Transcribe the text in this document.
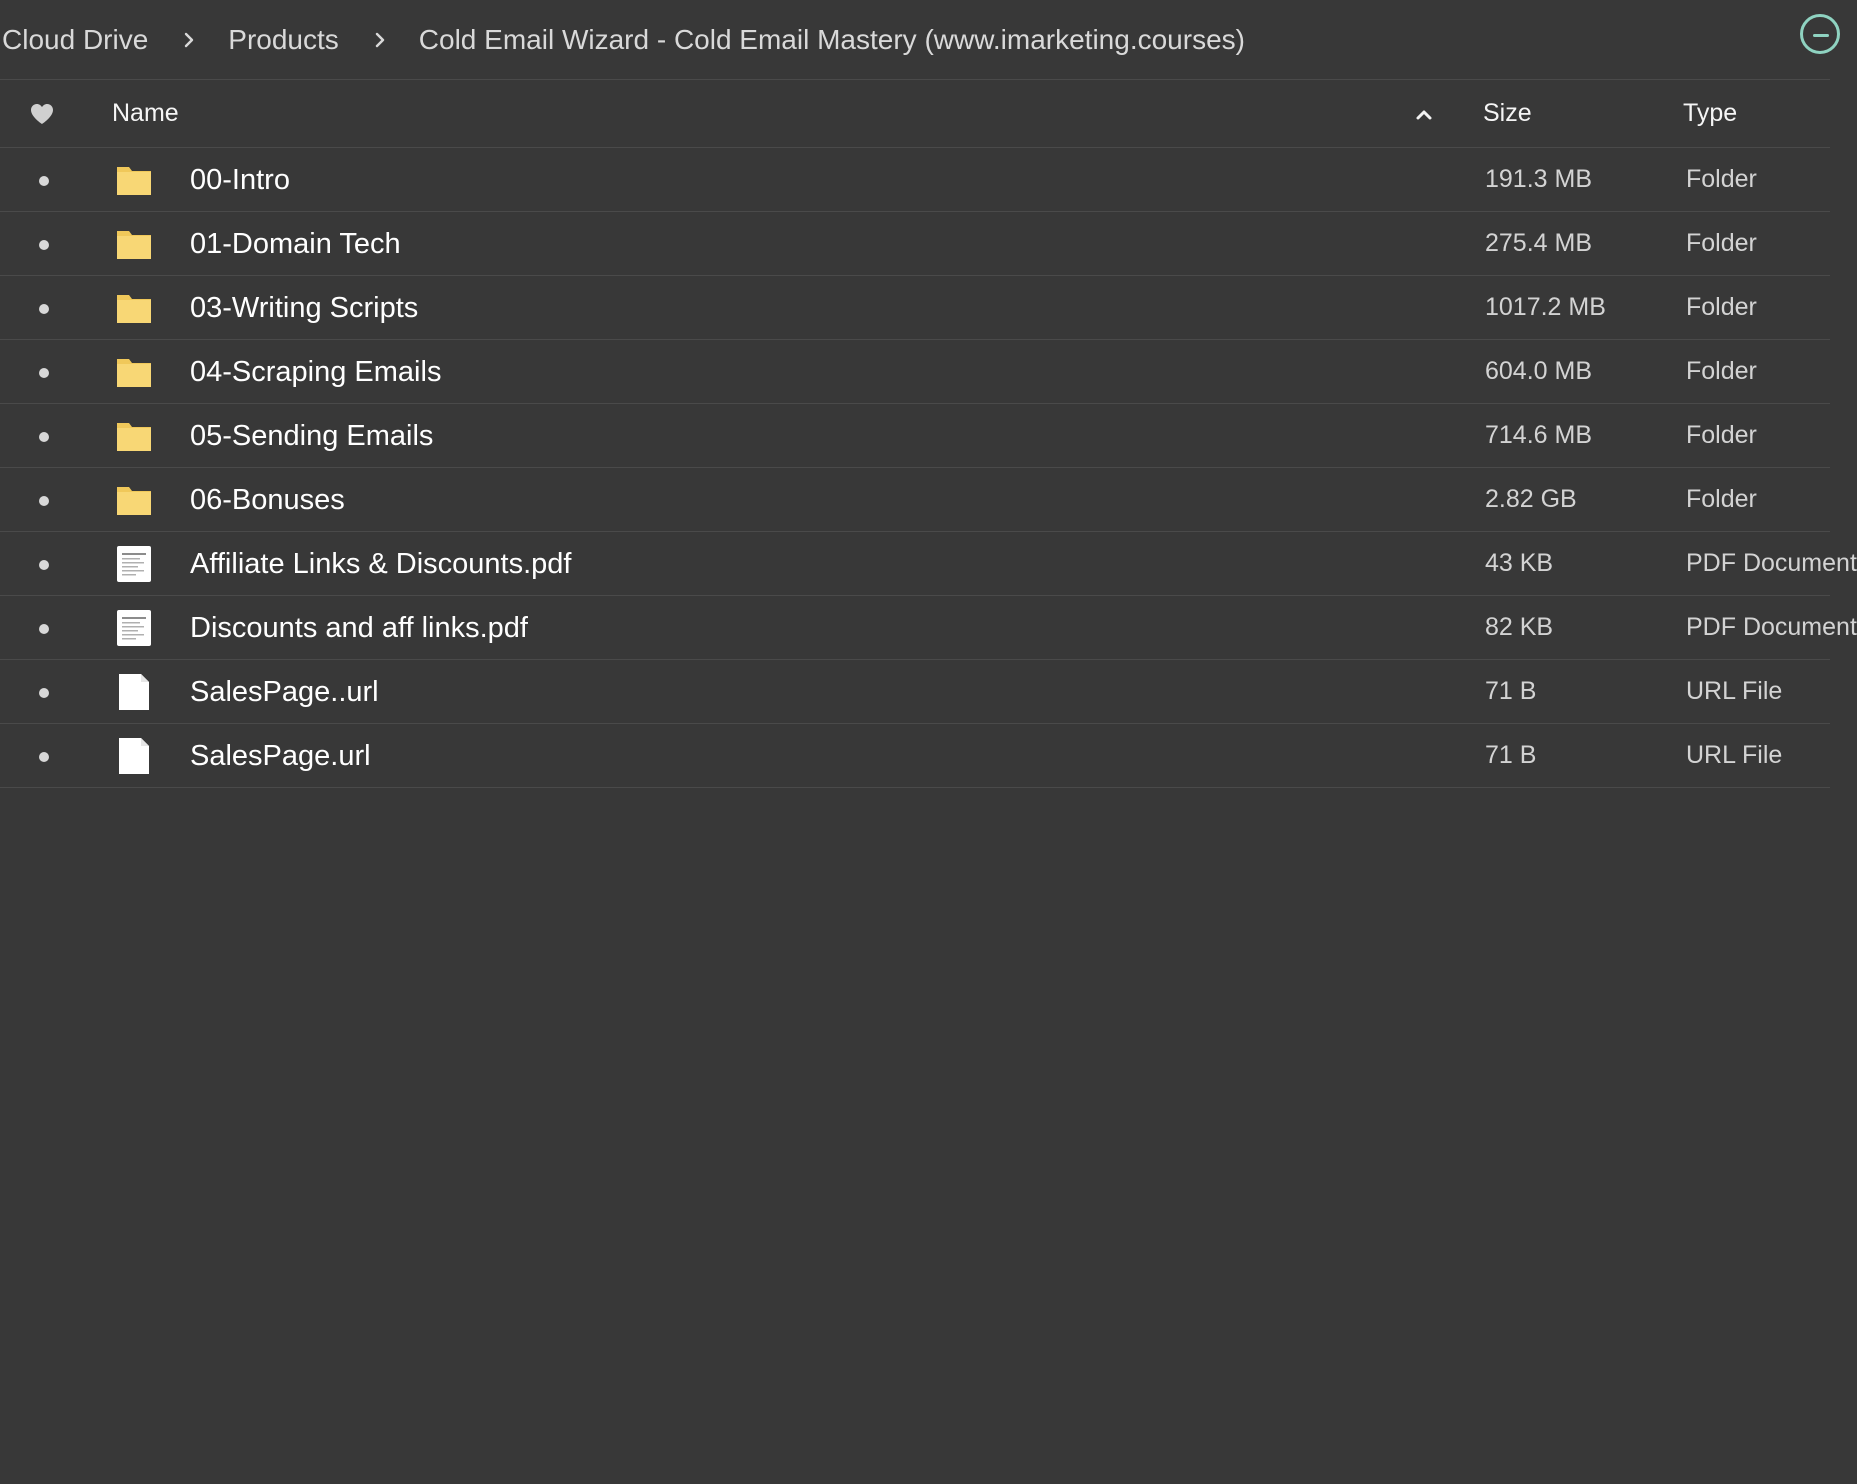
Cloud Drive	Products	Cold Email Wizard - Cold Email Mastery (www.imarketing.courses)
Name	Size	Type
00-Intro	191.3 MB	Folder
01-Domain Tech	275.4 MB	Folder
03-Writing Scripts	1017.2 MB	Folder
04-Scraping Emails	604.0 MB	Folder
05-Sending Emails	714.6 MB	Folder
06-Bonuses	2.82 GB	Folder
Affiliate Links & Discounts.pdf	43 KB	PDF Document
Discounts and aff links.pdf	82 KB	PDF Document
SalesPage..url	71 B	URL File
SalesPage.url	71 B	URL File
